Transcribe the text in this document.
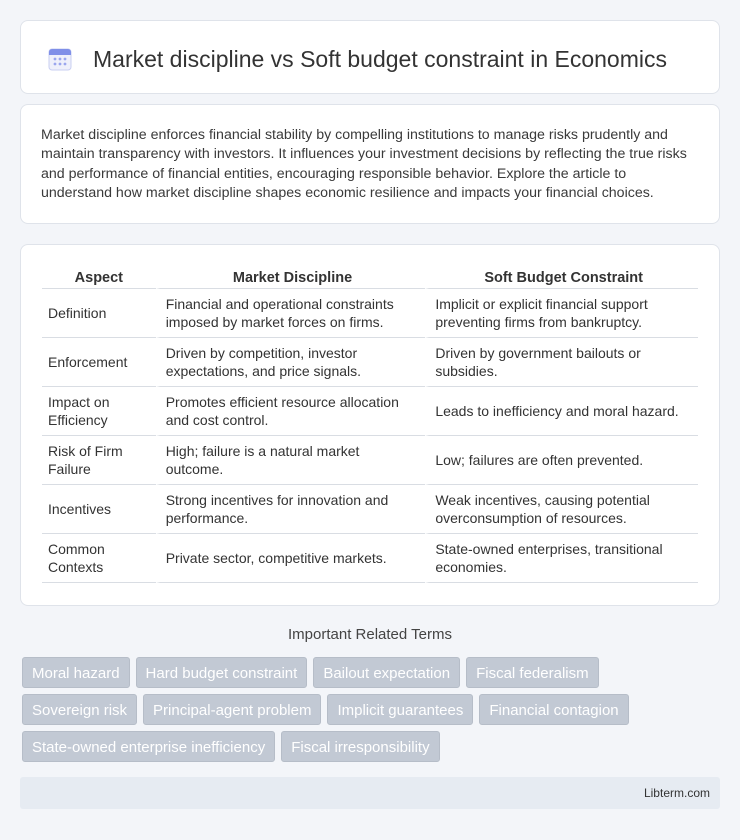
Market discipline vs Soft budget constraint in Economics

Market discipline enforces financial stability by compelling institutions to manage risks prudently and maintain transparency with investors. It influences your investment decisions by reflecting the true risks and performance of financial entities, encouraging responsible behavior. Explore the article to understand how market discipline shapes economic resilience and impacts your financial choices.

Aspect	Market Discipline	Soft Budget Constraint
Definition	Financial and operational constraints imposed by market forces on firms.	Implicit or explicit financial support preventing firms from bankruptcy.
Enforcement	Driven by competition, investor expectations, and price signals.	Driven by government bailouts or subsidies.
Impact on Efficiency	Promotes efficient resource allocation and cost control.	Leads to inefficiency and moral hazard.
Risk of Firm Failure	High; failure is a natural market outcome.	Low; failures are often prevented.
Incentives	Strong incentives for innovation and performance.	Weak incentives, causing potential overconsumption of resources.
Common Contexts	Private sector, competitive markets.	State-owned enterprises, transitional economies.
Important Related Terms
Moral hazard	Hard budget constraint	Bailout expectation	Fiscal federalism
Sovereign risk	Principal-agent problem	Implicit guarantees	Financial contagion
State-owned enterprise inefficiency	Fiscal irresponsibility
Libterm.com
